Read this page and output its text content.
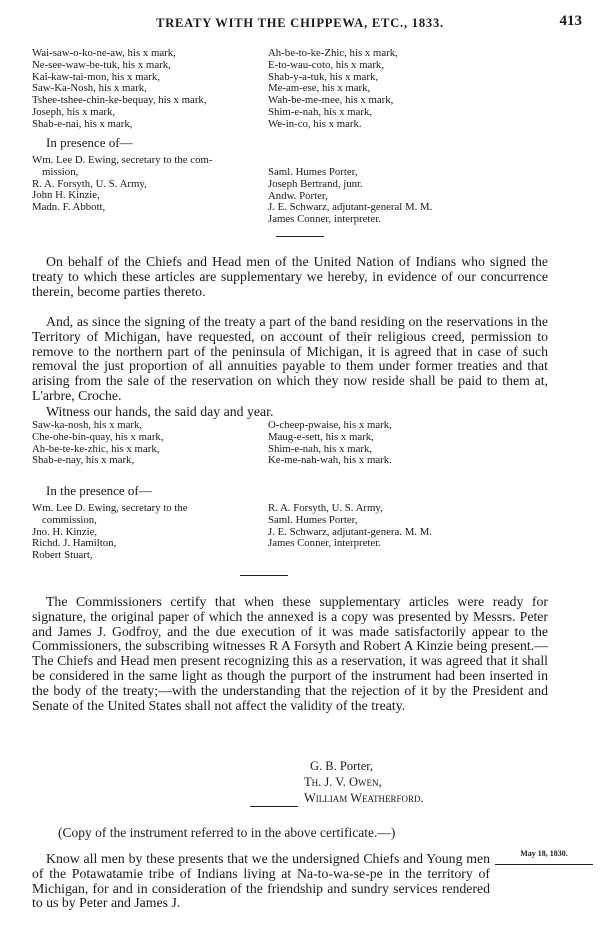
TREATY WITH THE CHIPPEWA, ETC., 1833.	413
Wai-saw-o-ko-ne-aw, his x mark,
Ne-see-waw-be-tuk, his x mark,
Kai-kaw-tai-mon, his x mark,
Saw-Ka-Nosh, his x mark,
Tshee-tshee-chin-ke-bequay, his x mark,
Joseph, his x mark,
Shab-e-nai, his x mark,
Ah-be-to-ke-Zhic, his x mark,
E-to-wau-coto, his x mark,
Shab-y-a-tuk, his x mark,
Me-am-ese, his x mark,
Wah-be-me-mee, his x mark,
Shim-e-nah, his x mark,
We-in-co, his x mark.
In presence of—
Wm. Lee D. Ewing, secretary to the com-
mission,
R. A. Forsyth, U. S. Army,
John H. Kinzie,
Madn. F. Abbott,
Saml. Humes Porter,
Joseph Bertrand, junr.
Andw. Porter,
J. E. Schwarz, adjutant-general M. M.
James Conner, interpreter.
On behalf of the Chiefs and Head men of the United Nation of Indians who signed the treaty to which these articles are supplementary we hereby, in evidence of our concurrence therein, become parties thereto.
And, as since the signing of the treaty a part of the band residing on the reservations in the Territory of Michigan, have requested, on account of their religious creed, permission to remove to the northern part of the peninsula of Michigan, it is agreed that in case of such removal the just proportion of all annuities payable to them under former treaties and that arising from the sale of the reservation on which they now reside shall be paid to them at, L'arbre, Croche.
Witness our hands, the said day and year.
Saw-ka-nosh, his x mark,
Che-ohe-bin-quay, his x mark,
Ah-be-te-ke-zhic, his x mark,
Shab-e-nay, his x mark,
O-cheep-pwaise, his x mark,
Maug-e-sett, his x mark,
Shim-e-nah, his x mark,
Ke-me-nah-wah, his x mark.
In the presence of—
Wm. Lee D. Ewing, secretary to the
commission,
Jno. H. Kinzie,
Richd. J. Hamilton,
Robert Stuart,
R. A. Forsyth, U. S. Army,
Saml. Humes Porter,
J. E. Schwarz, adjutant-genera. M. M.
James Conner, interpreter.
The Commissioners certify that when these supplementary articles were ready for signature, the original paper of which the annexed is a copy was presented by Messrs. Peter and James J. Godfroy, and the due execution of it was made satisfactorily appear to the Commissioners, the subscribing witnesses R A Forsyth and Robert A Kinzie being present.—The Chiefs and Head men present recognizing this as a reservation, it was agreed that it shall be considered in the same light as though the purport of the instrument had been inserted in the body of the treaty;—with the understanding that the rejection of it by the President and Senate of the United States shall not affect the validity of the treaty.
G. B. Porter,
Th. J. V. Owen,
William Weatherford.
(Copy of the instrument referred to in the above certificate.—)
May 18, 1830.
Know all men by these presents that we the undersigned Chiefs and Young men of the Potawatamie tribe of Indians living at Na-to-wa-se-pe in the territory of Michigan, for and in consideration of the friendship and sundry services rendered to us by Peter and James J.
